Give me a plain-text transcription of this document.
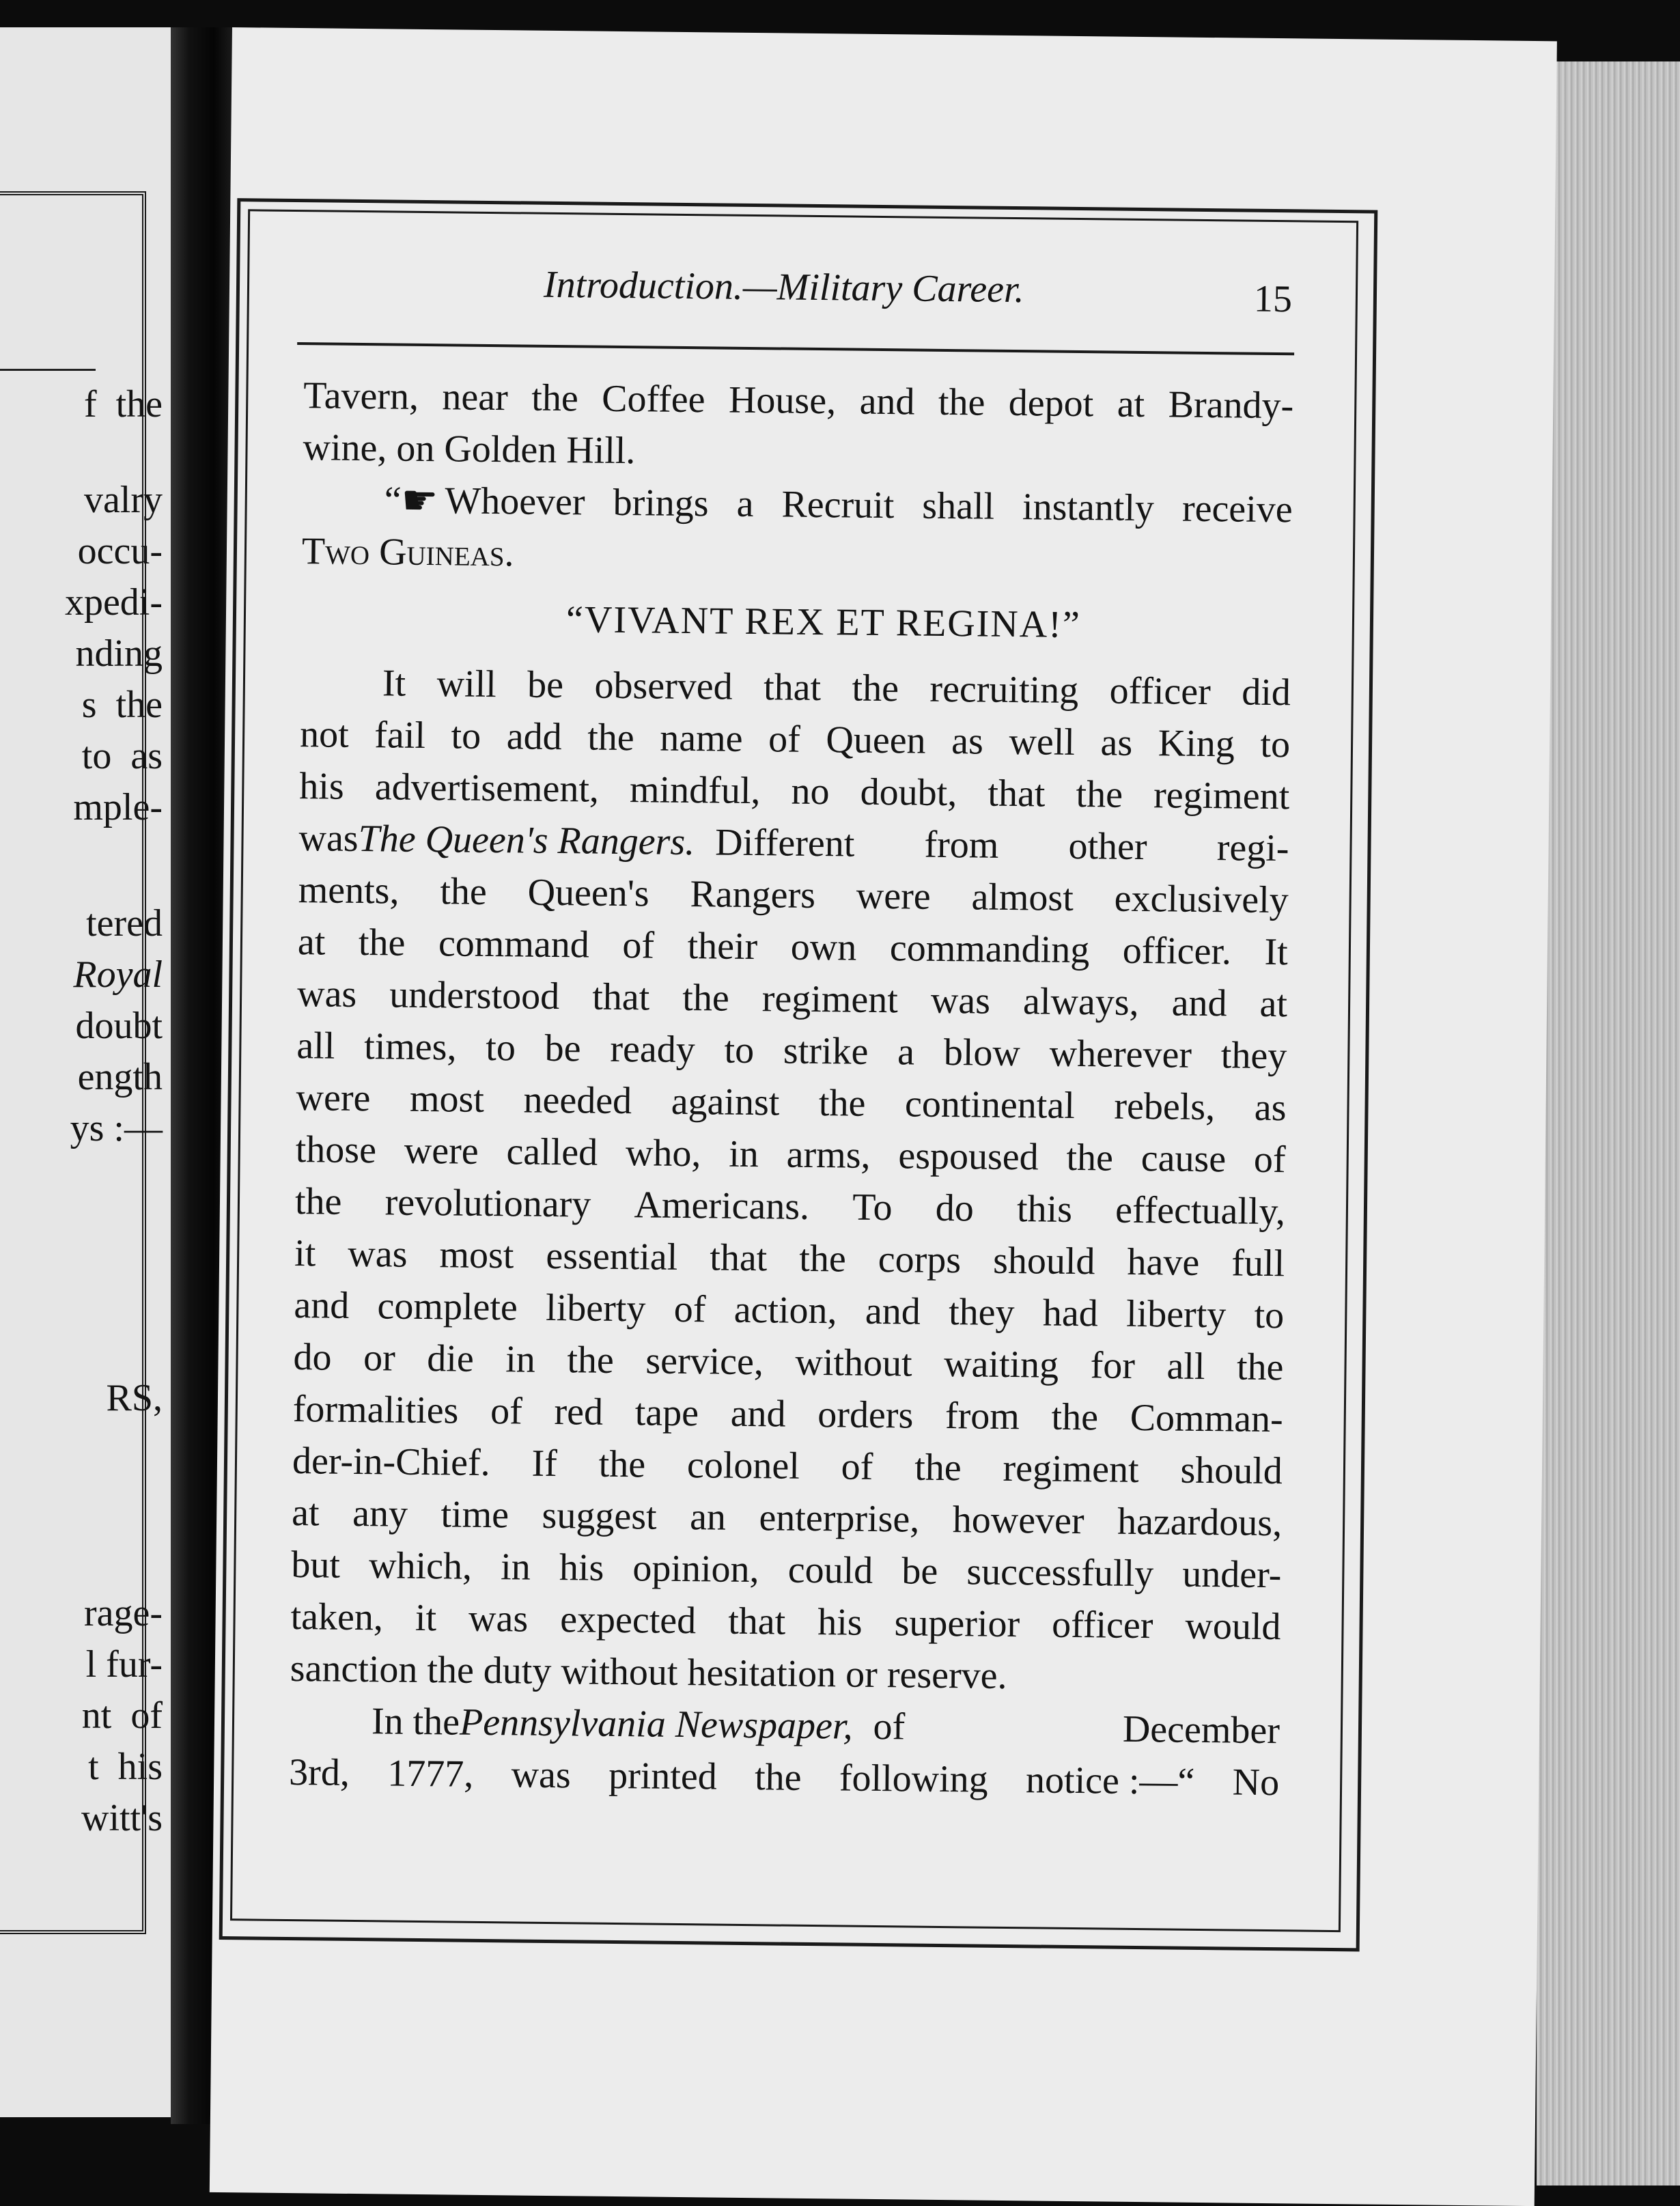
f  the
valry
occu-
xpedi-
nding
s  the
to  as
mple-
tered
Royal
doubt
ength
ys :—
RS,
rage-
l fur-
nt  of
t  his
witt's
Introduction.—Military Career.	15
Tavern, near the Coffee House, and the depot at Brandy-
wine, on Golden Hill.
“ ☛ Whoever brings a Recruit shall instantly receive
Two Guineas.
“VIVANT REX ET REGINA!”
It will be observed that the recruiting officer did
not fail to add the name of Queen as well as King to
his advertisement, mindful, no doubt, that the regiment
was The Queen's Rangers. Different from other regi-
ments, the Queen's Rangers were almost exclusively
at the command of their own commanding officer. It
was understood that the regiment was always, and at
all times, to be ready to strike a blow wherever they
were most needed against the continental rebels, as
those were called who, in arms, espoused the cause of
the revolutionary Americans. To do this effectually,
it was most essential that the corps should have full
and complete liberty of action, and they had liberty to
do or die in the service, without waiting for all the
formalities of red tape and orders from the Comman-
der-in-Chief. If the colonel of the regiment should
at any time suggest an enterprise, however hazardous,
but which, in his opinion, could be successfully under-
taken, it was expected that his superior officer would
sanction the duty without hesitation or reserve.
In the Pennsylvania Newspaper, of	December
3rd, 1777, was printed the following notice :—“ No
